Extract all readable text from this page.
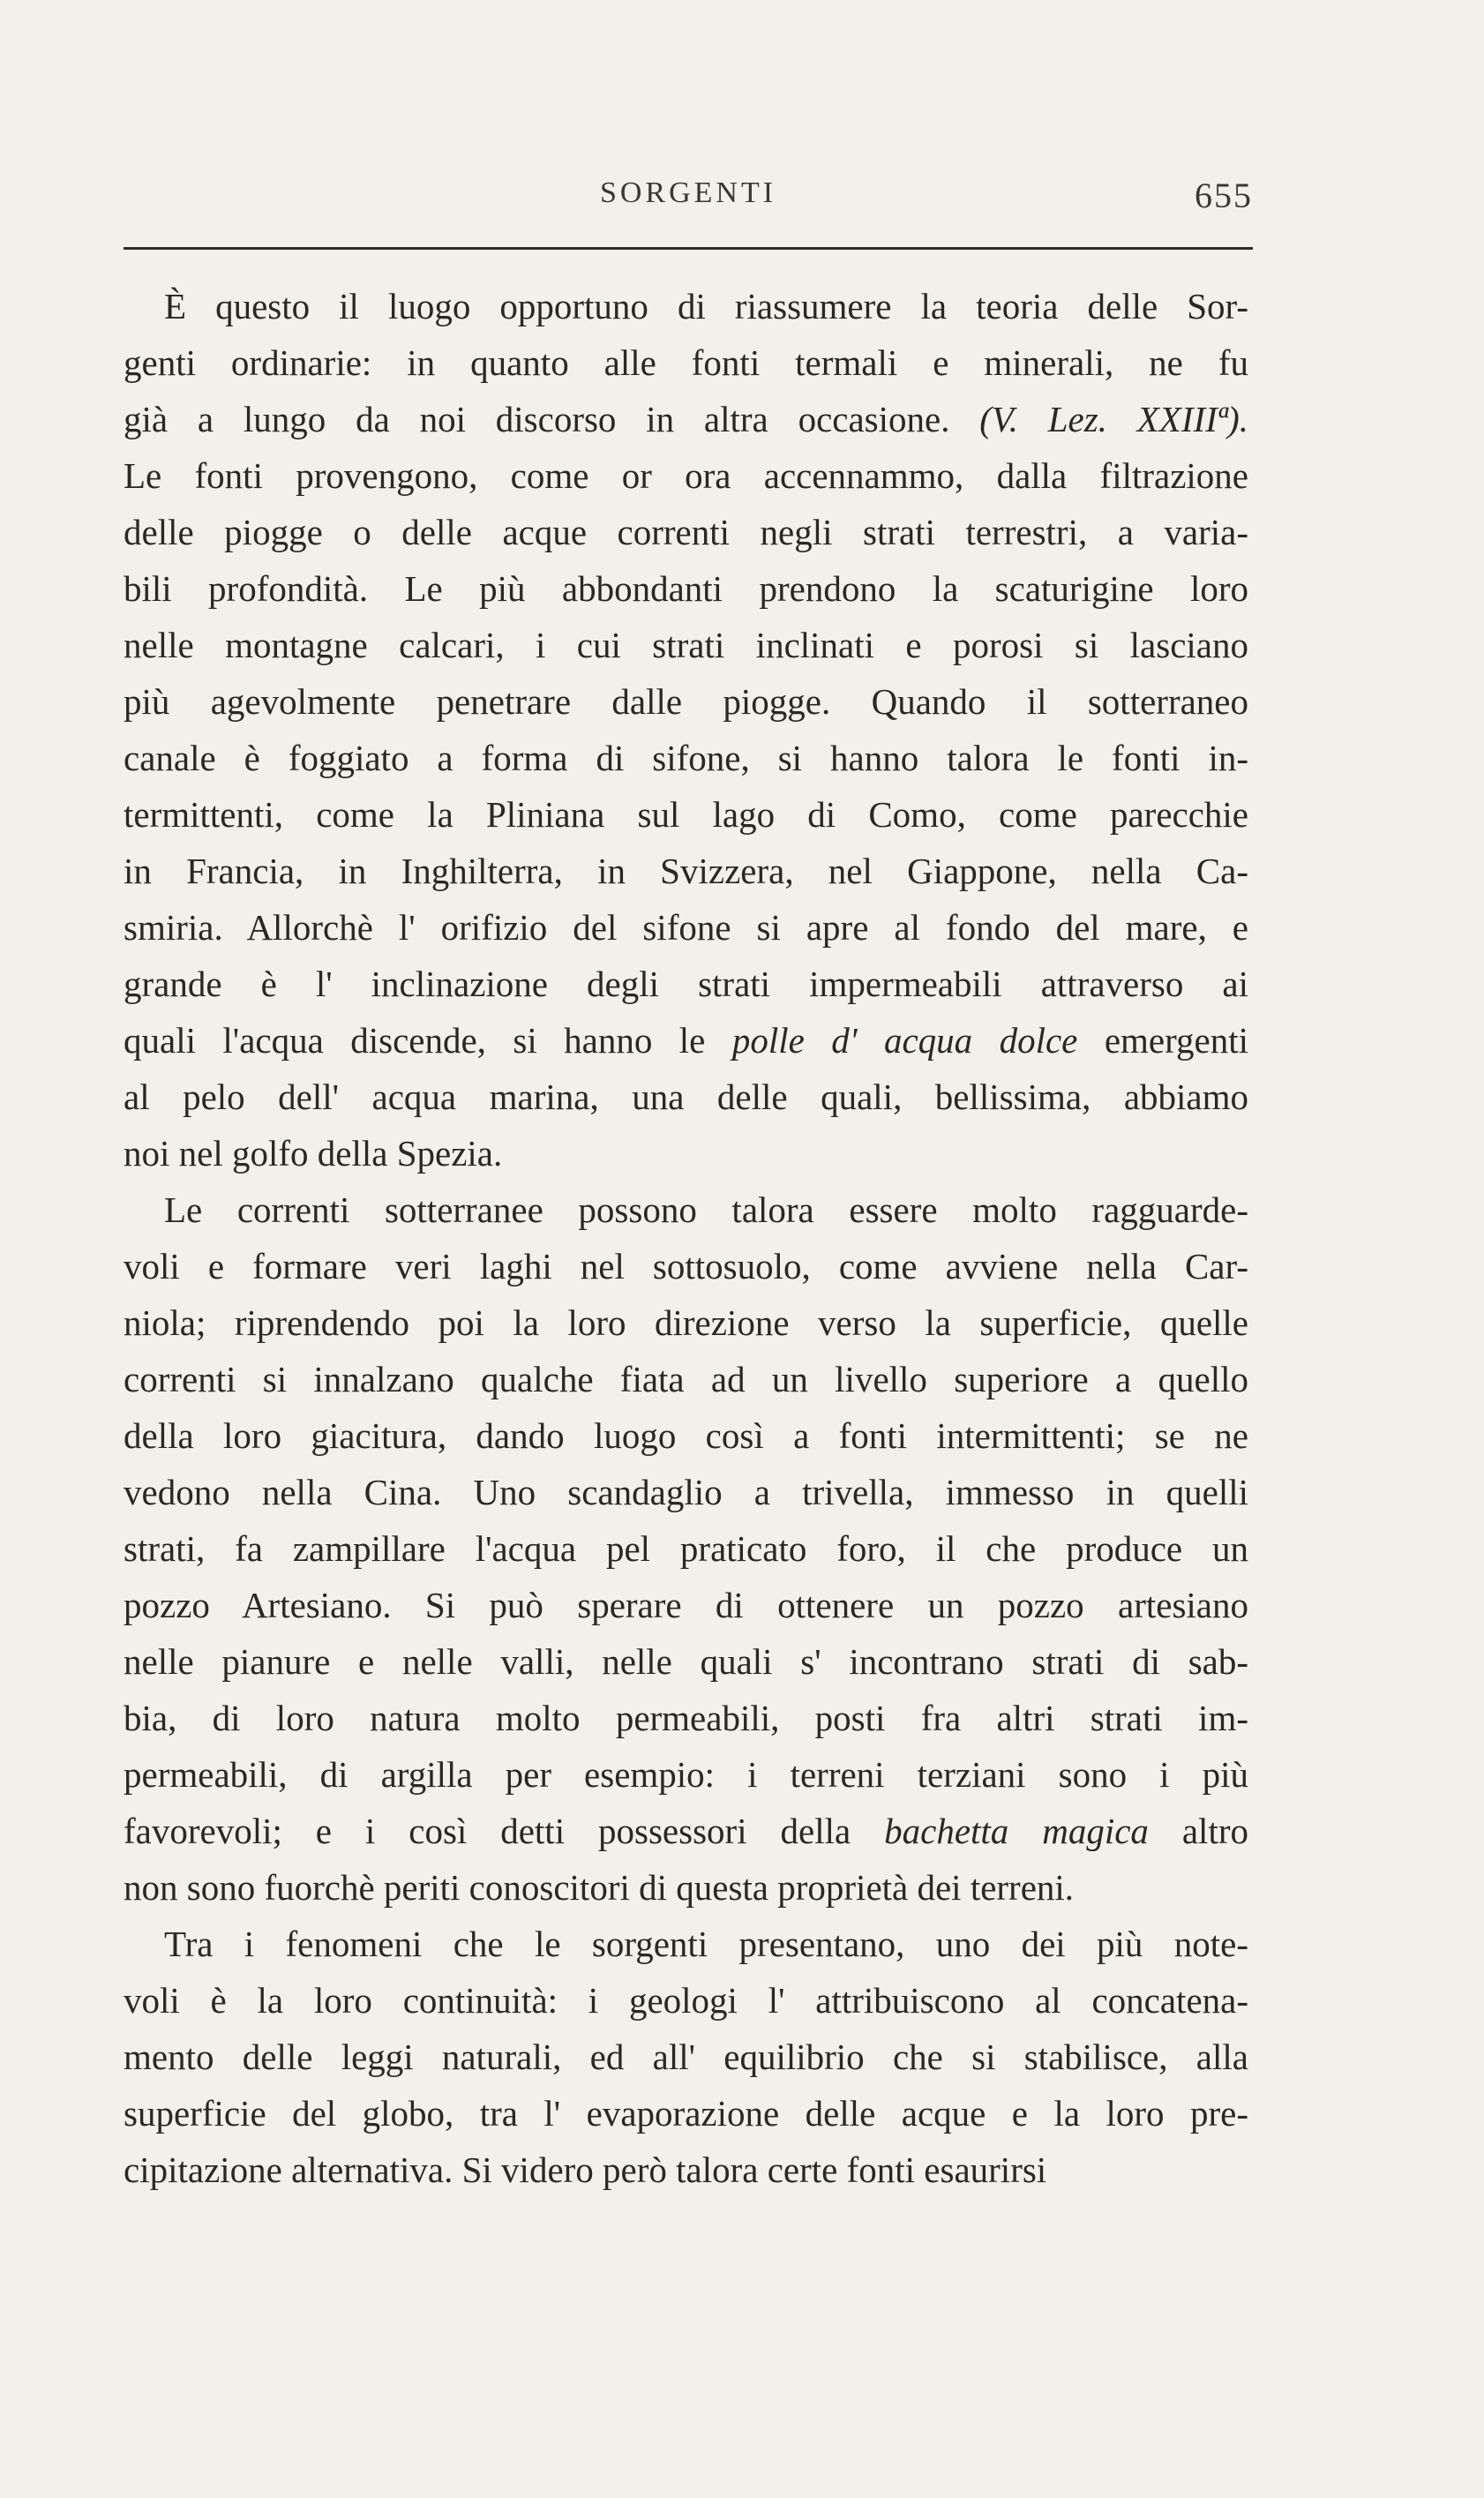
SORGENTI	655
È questo il luogo opportuno di riassumere la teoria delle Sor-
genti ordinarie: in quanto alle fonti termali e minerali, ne fu
già a lungo da noi discorso in altra occasione. (V. Lez. XXIIIª).
Le fonti provengono, come or ora accennammo, dalla filtrazione
delle piogge o delle acque correnti negli strati terrestri, a varia-
bili profondità. Le più abbondanti prendono la scaturigine loro
nelle montagne calcari, i cui strati inclinati e porosi si lasciano
più agevolmente penetrare dalle piogge. Quando il sotterraneo
canale è foggiato a forma di sifone, si hanno talora le fonti in-
termittenti, come la Pliniana sul lago di Como, come parecchie
in Francia, in Inghilterra, in Svizzera, nel Giappone, nella Ca-
smiria. Allorchè l' orifizio del sifone si apre al fondo del mare, e
grande è l' inclinazione degli strati impermeabili attraverso ai
quali l'acqua discende, si hanno le polle d' acqua dolce emergenti
al pelo dell' acqua marina, una delle quali, bellissima, abbiamo
noi nel golfo della Spezia.
Le correnti sotterranee possono talora essere molto ragguarde-
voli e formare veri laghi nel sottosuolo, come avviene nella Car-
niola; riprendendo poi la loro direzione verso la superficie, quelle
correnti si innalzano qualche fiata ad un livello superiore a quello
della loro giacitura, dando luogo così a fonti intermittenti; se ne
vedono nella Cina. Uno scandaglio a trivella, immesso in quelli
strati, fa zampillare l'acqua pel praticato foro, il che produce un
pozzo Artesiano. Si può sperare di ottenere un pozzo artesiano
nelle pianure e nelle valli, nelle quali s' incontrano strati di sab-
bia, di loro natura molto permeabili, posti fra altri strati im-
permeabili, di argilla per esempio: i terreni terziani sono i più
favorevoli; e i così detti possessori della bachetta magica altro
non sono fuorchè periti conoscitori di questa proprietà dei terreni.
Tra i fenomeni che le sorgenti presentano, uno dei più note-
voli è la loro continuità: i geologi l' attribuiscono al concatena-
mento delle leggi naturali, ed all' equilibrio che si stabilisce, alla
superficie del globo, tra l' evaporazione delle acque e la loro pre-
cipitazione alternativa. Si videro però talora certe fonti esaurirsi
